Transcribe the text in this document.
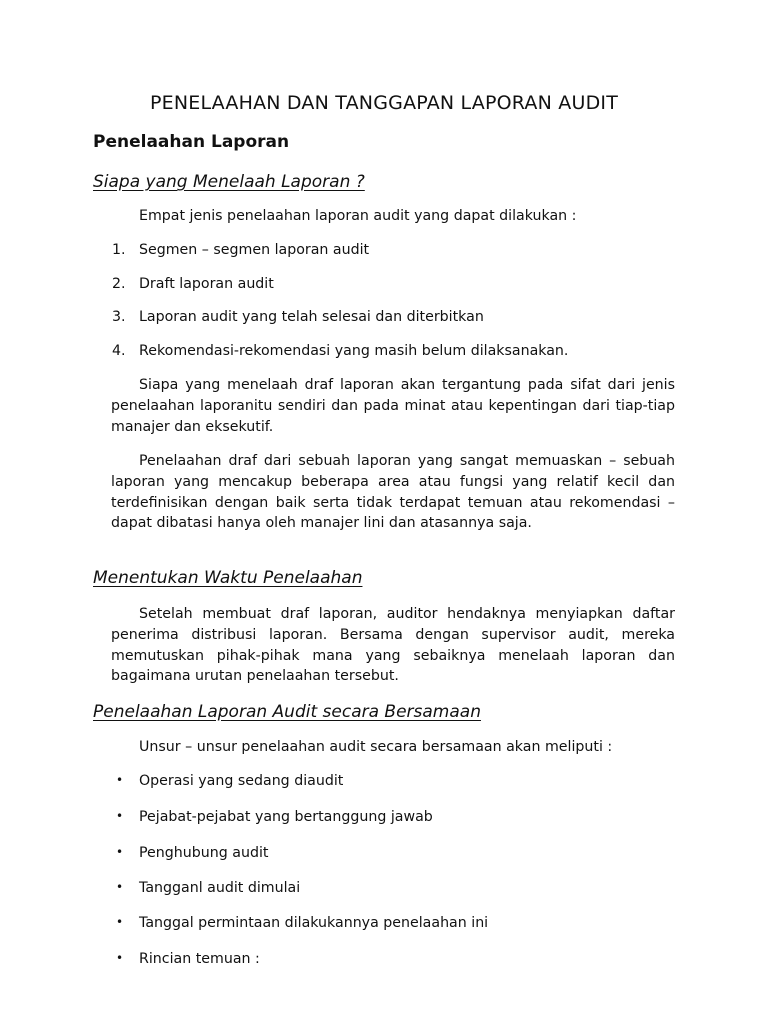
PENELAAHAN DAN TANGGAPAN LAPORAN AUDIT
Penelaahan Laporan
Siapa yang Menelaah Laporan ?
Empat jenis penelaahan laporan audit yang dapat dilakukan :
1. Segmen – segmen laporan audit
2. Draft laporan audit
3. Laporan audit yang telah selesai dan diterbitkan
4. Rekomendasi-rekomendasi yang masih belum dilaksanakan.
Siapa yang menelaah draf laporan akan tergantung pada sifat dari jenis penelaahan laporanitu sendiri dan pada minat atau kepentingan dari tiap-tiap manajer dan eksekutif.
Penelaahan draf dari sebuah laporan yang sangat memuaskan – sebuah laporan yang mencakup beberapa area atau fungsi yang relatif kecil dan terdefinisikan dengan baik serta tidak terdapat temuan atau rekomendasi – dapat dibatasi hanya oleh manajer lini dan atasannya saja.
Menentukan Waktu Penelaahan
Setelah membuat draf laporan, auditor hendaknya menyiapkan daftar penerima distribusi laporan. Bersama dengan supervisor audit, mereka memutuskan pihak-pihak mana yang sebaiknya menelaah laporan dan bagaimana urutan penelaahan tersebut.
Penelaahan Laporan Audit secara Bersamaan
Unsur – unsur penelaahan audit secara bersamaan akan meliputi :
• Operasi yang sedang diaudit
• Pejabat-pejabat yang bertanggung jawab
• Penghubung audit
• Tangganl audit dimulai
• Tanggal permintaan dilakukannya penelaahan ini
• Rincian temuan :
